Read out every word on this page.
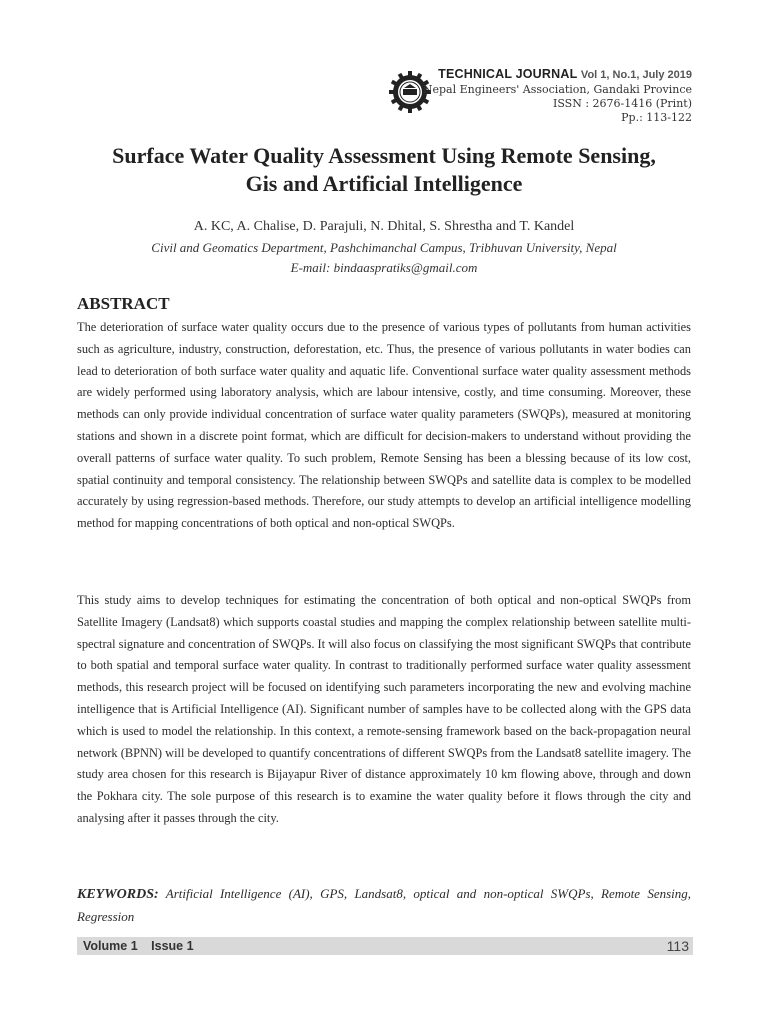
TECHNICAL JOURNAL Vol 1, No.1, July 2019
Nepal Engineers' Association, Gandaki Province
ISSN : 2676-1416 (Print)
Pp.: 113-122
Surface Water Quality Assessment Using Remote Sensing,
Gis and Artificial Intelligence
A. KC, A. Chalise, D. Parajuli, N. Dhital, S. Shrestha and T. Kandel
Civil and Geomatics Department, Pashchimanchal Campus, Tribhuvan University, Nepal
E-mail: bindaaspratiks@gmail.com
ABSTRACT
The deterioration of surface water quality occurs due to the presence of various types of pollutants from human activities such as agriculture, industry, construction, deforestation, etc. Thus, the presence of various pollutants in water bodies can lead to deterioration of both surface water quality and aquatic life. Conventional surface water quality assessment methods are widely performed using laboratory analysis, which are labour intensive, costly, and time consuming. Moreover, these methods can only provide individual concentration of surface water quality parameters (SWQPs), measured at monitoring stations and shown in a discrete point format, which are difficult for decision-makers to understand without providing the overall patterns of surface water quality. To such problem, Remote Sensing has been a blessing because of its low cost, spatial continuity and temporal consistency. The relationship between SWQPs and satellite data is complex to be modelled accurately by using regression-based methods. Therefore, our study attempts to develop an artificial intelligence modelling method for mapping concentrations of both optical and non-optical SWQPs.
This study aims to develop techniques for estimating the concentration of both optical and non-optical SWQPs from Satellite Imagery (Landsat8) which supports coastal studies and mapping the complex relationship between satellite multi-spectral signature and concentration of SWQPs. It will also focus on classifying the most significant SWQPs that contribute to both spatial and temporal surface water quality. In contrast to traditionally performed surface water quality assessment methods, this research project will be focused on identifying such parameters incorporating the new and evolving machine intelligence that is Artificial Intelligence (AI). Significant number of samples have to be collected along with the GPS data which is used to model the relationship. In this context, a remote-sensing framework based on the back-propagation neural network (BPNN) will be developed to quantify concentrations of different SWQPs from the Landsat8 satellite imagery. The study area chosen for this research is Bijayapur River of distance approximately 10 km flowing above, through and down the Pokhara city. The sole purpose of this research is to examine the water quality before it flows through the city and analysing after it passes through the city.
KEYWORDS: Artificial Intelligence (AI), GPS, Landsat8, optical and non-optical SWQPs, Remote Sensing, Regression
Volume 1 Issue 1	113
